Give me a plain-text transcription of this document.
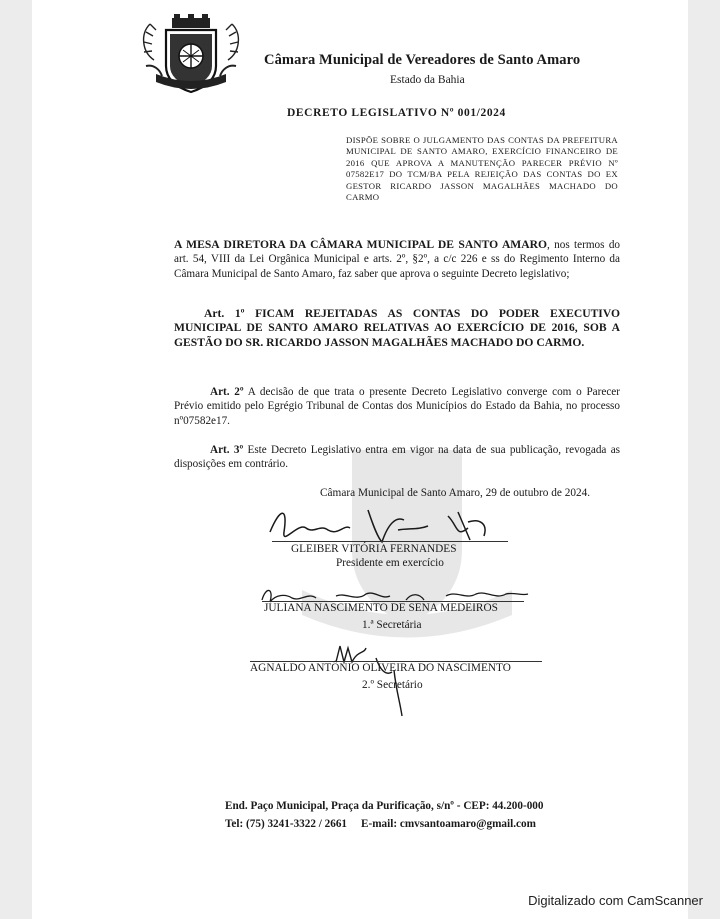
Câmara Municipal de Vereadores de Santo Amaro
Estado da Bahia
DECRETO LEGISLATIVO Nº 001/2024
DISPÕE SOBRE O JULGAMENTO DAS CONTAS DA PREFEITURA MUNICIPAL DE SANTO AMARO, EXERCÍCIO FINANCEIRO DE 2016 QUE APROVA A MANUTENÇÃO PARECER PRÉVIO Nº 07582E17 DO TCM/BA PELA REJEIÇÃO DAS CONTAS DO EX GESTOR RICARDO JASSON MAGALHÃES MACHADO DO CARMO
A MESA DIRETORA DA CÂMARA MUNICIPAL DE SANTO AMARO, nos termos do art. 54, VIII da Lei Orgânica Municipal e arts. 2º, §2º, a c/c 226 e ss do Regimento Interno da Câmara Municipal de Santo Amaro, faz saber que aprova o seguinte Decreto legislativo;
Art. 1º FICAM REJEITADAS AS CONTAS DO PODER EXECUTIVO MUNICIPAL DE SANTO AMARO RELATIVAS AO EXERCÍCIO DE 2016, SOB A GESTÃO DO SR. RICARDO JASSON MAGALHÃES MACHADO DO CARMO.
Art. 2º A decisão de que trata o presente Decreto Legislativo converge com o Parecer Prévio emitido pelo Egrégio Tribunal de Contas dos Municípios do Estado da Bahia, no processo nº07582e17.
Art. 3º Este Decreto Legislativo entra em vigor na data de sua publicação, revogada as disposições em contrário.
Câmara Municipal de Santo Amaro, 29 de outubro de 2024.
GLEIBER VITÓRIA FERNANDES
Presidente em exercício
JULIANA NASCIMENTO DE SENA MEDEIROS
1.ª Secretária
AGNALDO ANTÔNIO OLIVEIRA DO NASCIMENTO
2.º Secretário
End. Paço Municipal, Praça da Purificação, s/nº - CEP: 44.200-000
Tel: (75) 3241-3322 / 2661 E-mail: cmvsantoamaro@gmail.com
Digitalizado com CamScanner
